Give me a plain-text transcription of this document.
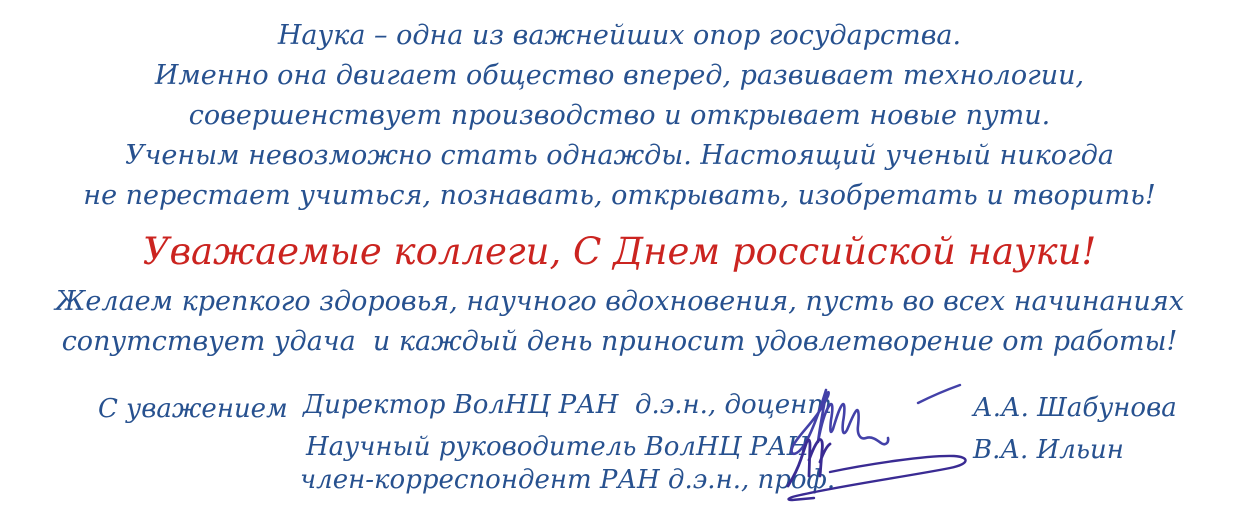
Наука – одна из важнейших опор государства.
Именно она двигает общество вперед, развивает технологии,
совершенствует производство и открывает новые пути.
Ученым невозможно стать однажды. Настоящий ученый никогда
не перестает учиться, познавать, открывать, изобретать и творить!
Уважаемые коллеги, С Днем российской науки!
Желаем крепкого здоровья, научного вдохновения, пусть во всех начинаниях
сопутствует удача  и каждый день приносит удовлетворение от работы!
С уважением Директор ВолНЦ РАН  д.э.н., доцент
Научный руководитель ВолНЦ РАН
член-корреспондент РАН д.э.н., проф.
А.А. Шабунова
В.А. Ильин
